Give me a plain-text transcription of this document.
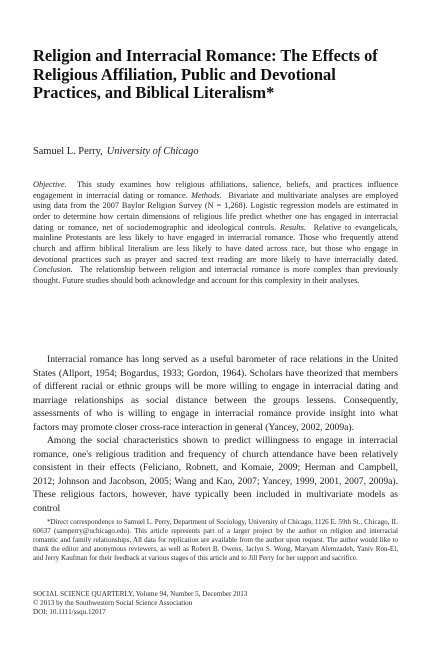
Religion and Interracial Romance: The Effects of Religious Affiliation, Public and Devotional Practices, and Biblical Literalism*

Samuel L. Perry, University of Chicago

Objective. This study examines how religious affiliations, salience, beliefs, and practices influence engagement in interracial dating or romance. Methods. Bivariate and multivariate analyses are employed using data from the 2007 Baylor Religion Survey (N = 1,268). Logistic regression models are estimated in order to determine how certain dimensions of religious life predict whether one has engaged in interracial dating or romance, net of sociodemographic and ideological controls. Results. Relative to evangelicals, mainline Protestants are less likely to have engaged in interracial romance. Those who frequently attend church and affirm biblical literalism are less likely to have dated across race, but those who engage in devotional practices such as prayer and sacred text reading are more likely to have interracially dated. Conclusion. The relationship between religion and interracial romance is more complex than previously thought. Future studies should both acknowledge and account for this complexity in their analyses.

Interracial romance has long served as a useful barometer of race relations in the United States (Allport, 1954; Bogardus, 1933; Gordon, 1964). Scholars have theorized that members of different racial or ethnic groups will be more willing to engage in interracial dating and marriage relationships as social distance between the groups lessens. Consequently, assessments of who is willing to engage in interracial romance provide insight into what factors may promote closer cross-race interaction in general (Yancey, 2002, 2009a).

Among the social characteristics shown to predict willingness to engage in interracial romance, one's religious tradition and frequency of church attendance have been relatively consistent in their effects (Feliciano, Robnett, and Komaie, 2009; Herman and Campbell, 2012; Johnson and Jacobson, 2005; Wang and Kao, 2007; Yancey, 1999, 2001, 2007, 2009a). These religious factors, however, have typically been included in multivariate models as control

*Direct correspondence to Samuel L. Perry, Department of Sociology, University of Chicago, 1126 E. 59th St., Chicago, IL 60637 (samperry@uchicago.edu). This article represents part of a larger project by the author on religion and interracial romantic and family relationships. All data for replication are available from the author upon request. The author would like to thank the editor and anonymous reviewers, as well as Robert B. Owens, Jaclyn S. Wong, Maryam Alemzadeh, Yaniv Ron-El, and Jerry Kaufman for their feedback at various stages of this article and to Jill Perry for her support and sacrifice.

SOCIAL SCIENCE QUARTERLY, Volume 94, Number 5, December 2013
© 2013 by the Southwestern Social Science Association
DOI: 10.1111/ssqu.12017
